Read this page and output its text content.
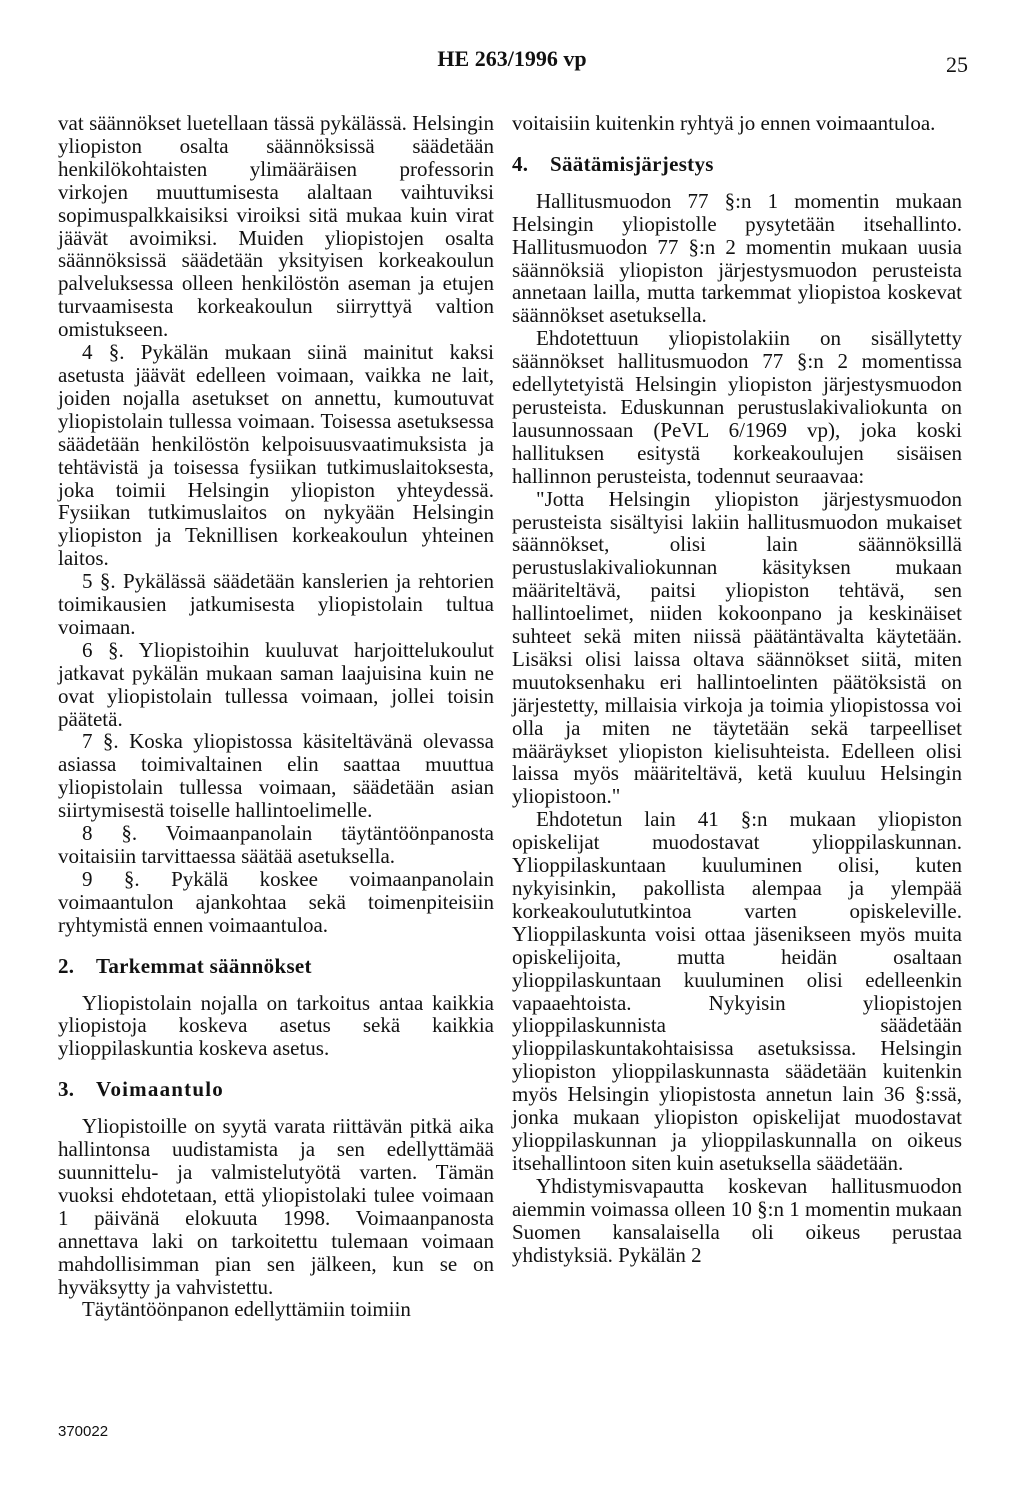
HE 263/1996 vp	25

vat säännökset luetellaan tässä pykälässä. Helsingin yliopiston osalta säännöksissä säädetään henkilökohtaisten ylimääräisen professorin virkojen muuttumisesta alaltaan vaihtuviksi sopimuspalkkaisiksi viroiksi sitä mukaa kuin virat jäävät avoimiksi. Muiden yliopistojen osalta säännöksissä säädetään yksityisen korkeakoulun palveluksessa olleen henkilöstön aseman ja etujen turvaamisesta korkeakoulun siirryttyä valtion omistukseen.

4 §. Pykälän mukaan siinä mainitut kaksi asetusta jäävät edelleen voimaan, vaikka ne lait, joiden nojalla asetukset on annettu, kumoutuvat yliopistolain tullessa voimaan. Toisessa asetuksessa säädetään henkilöstön kelpoisuusvaatimuksista ja tehtävistä ja toisessa fysiikan tutkimuslaitoksesta, joka toimii Helsingin yliopiston yhteydessä. Fysiikan tutkimuslaitos on nykyään Helsingin yliopiston ja Teknillisen korkeakoulun yhteinen laitos.

5 §. Pykälässä säädetään kanslerien ja rehtorien toimikausien jatkumisesta yliopistolain tultua voimaan.

6 §. Yliopistoihin kuuluvat harjoittelukoulut jatkavat pykälän mukaan saman laajuisina kuin ne ovat yliopistolain tullessa voimaan, jollei toisin päätetä.

7 §. Koska yliopistossa käsiteltävänä olevassa asiassa toimivaltainen elin saattaa muuttua yliopistolain tullessa voimaan, säädetään asian siirtymisestä toiselle hallintoelimelle.

8 §. Voimaanpanolain täytäntöönpanosta voitaisiin tarvittaessa säätää asetuksella.

9 §. Pykälä koskee voimaanpanolain voimaantulon ajankohtaa sekä toimenpiteisiin ryhtymistä ennen voimaantuloa.

2. Tarkemmat säännökset

Yliopistolain nojalla on tarkoitus antaa kaikkia yliopistoja koskeva asetus sekä kaikkia ylioppilaskuntia koskeva asetus.

3. Voimaantulo

Yliopistoille on syytä varata riittävän pitkä aika hallintonsa uudistamista ja sen edellyttämää suunnittelu- ja valmistelutyötä varten. Tämän vuoksi ehdotetaan, että yliopistolaki tulee voimaan 1 päivänä elokuuta 1998. Voimaanpanosta annettava laki on tarkoitettu tulemaan voimaan mahdollisimman pian sen jälkeen, kun se on hyväksytty ja vahvistettu.

Täytäntöönpanon edellyttämiin toimiin

voitaisiin kuitenkin ryhtyä jo ennen voimaantuloa.

4. Säätämisjärjestys

Hallitusmuodon 77 §:n 1 momentin mukaan Helsingin yliopistolle pysytetään itsehallinto. Hallitusmuodon 77 §:n 2 momentin mukaan uusia säännöksiä yliopiston järjestysmuodon perusteista annetaan lailla, mutta tarkemmat yliopistoa koskevat säännökset asetuksella.

Ehdotettuun yliopistolakiin on sisällytetty säännökset hallitusmuodon 77 §:n 2 momentissa edellytetyistä Helsingin yliopiston järjestysmuodon perusteista. Eduskunnan perustuslakivaliokunta on lausunnossaan (PeVL 6/1969 vp), joka koski hallituksen esitystä korkeakoulujen sisäisen hallinnon perusteista, todennut seuraavaa:

"Jotta Helsingin yliopiston järjestysmuodon perusteista sisältyisi lakiin hallitusmuodon mukaiset säännökset, olisi lain säännöksillä perustuslakivaliokunnan käsityksen mukaan määriteltävä, paitsi yliopiston tehtävä, sen hallintoelimet, niiden kokoonpano ja keskinäiset suhteet sekä miten niissä päätäntävalta käytetään. Lisäksi olisi laissa oltava säännökset siitä, miten muutoksenhaku eri hallintoelinten päätöksistä on järjestetty, millaisia virkoja ja toimia yliopistossa voi olla ja miten ne täytetään sekä tarpeelliset määräykset yliopiston kielisuhteista. Edelleen olisi laissa myös määriteltävä, ketä kuuluu Helsingin yliopistoon."

Ehdotetun lain 41 §:n mukaan yliopiston opiskelijat muodostavat ylioppilaskunnan. Ylioppilaskuntaan kuuluminen olisi, kuten nykyisinkin, pakollista alempaa ja ylempää korkeakoulututkintoa varten opiskeleville. Ylioppilaskunta voisi ottaa jäsenikseen myös muita opiskelijoita, mutta heidän osaltaan ylioppilaskuntaan kuuluminen olisi edelleenkin vapaaehtoista. Nykyisin yliopistojen ylioppilaskunnista säädetään ylioppilaskuntakohtaisissa asetuksissa. Helsingin yliopiston ylioppilaskunnasta säädetään kuitenkin myös Helsingin yliopistosta annetun lain 36 §:ssä, jonka mukaan yliopiston opiskelijat muodostavat ylioppilaskunnan ja ylioppilaskunnalla on oikeus itsehallintoon siten kuin asetuksella säädetään.

Yhdistymisvapautta koskevan hallitusmuodon aiemmin voimassa olleen 10 §:n 1 momentin mukaan Suomen kansalaisella oli oikeus perustaa yhdistyksiä. Pykälän 2

370022
